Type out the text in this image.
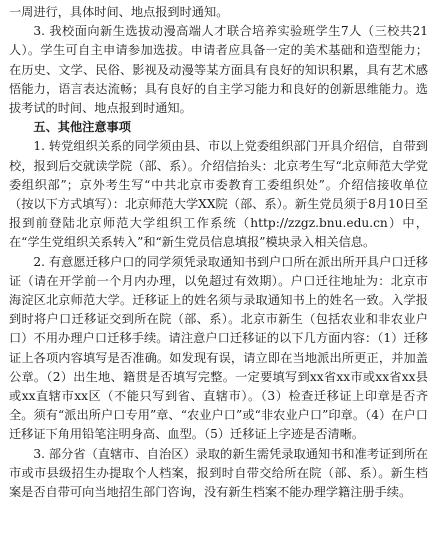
一周进行，具体时间、地点报到时通知。

3. 我校面向新生选拔动漫高端人才联合培养实验班学生7人（三校共21人）。学生可自主申请参加选拔。申请者应具备一定的美术基础和造型能力；在历史、文学、民俗、影视及动漫等某方面具有良好的知识积累，具有艺术感悟能力，语言表达流畅；具有良好的自主学习能力和良好的创新思维能力。选拔考试的时间、地点报到时通知。

五、其他注意事项

1. 转党组织关系的同学须由县、市以上党委组织部门开具介绍信，自带到校，报到后交就读学院（部、系）。介绍信抬头：北京考生写“北京师范大学党委组织部”；京外考生写“中共北京市委教育工委组织处”。介绍信接收单位（按以下方式填写）：北京师范大学XX院（部、系）。新生党员须于8月10日至报到前登陆北京师范大学组织工作系统（http://zzgz.bnu.edu.cn）中，在“学生党组织关系转入”和“新生党员信息填报”模块录入相关信息。

2. 有意愿迁移户口的同学须凭录取通知书到户口所在派出所开具户口迁移证（请在开学前一个月内办理，以免超过有效期）。户口迁往地址为：北京市海淀区北京师范大学。迁移证上的姓名须与录取通知书上的姓名一致。入学报到时将户口迁移证交到所在院（部、系）。北京市新生（包括农业和非农业户口）不用办理户口迁移手续。请注意户口迁移证的以下几方面内容：（1）迁移证上各项内容填写是否准确。如发现有误，请立即在当地派出所更正，并加盖公章。（2）出生地、籍贯是否填写完整。一定要填写到xx省xx市或xx省xx县或xx直辖市xx区（不能只写到省、直辖市）。（3）检查迁移证上印章是否齐全。须有“派出所户口专用”章、“农业户口”或“非农业户口”印章。（4）在户口迁移证下角用铅笔注明身高、血型。（5）迁移证上字迹是否清晰。

3. 部分省（直辖市、自治区）录取的新生需凭录取通知书和准考证到所在市或市县级招生办提取个人档案，报到时自带交给所在院（部、系）。新生档案是否自带可向当地招生部门咨询，没有新生档案不能办理学籍注册手续。
